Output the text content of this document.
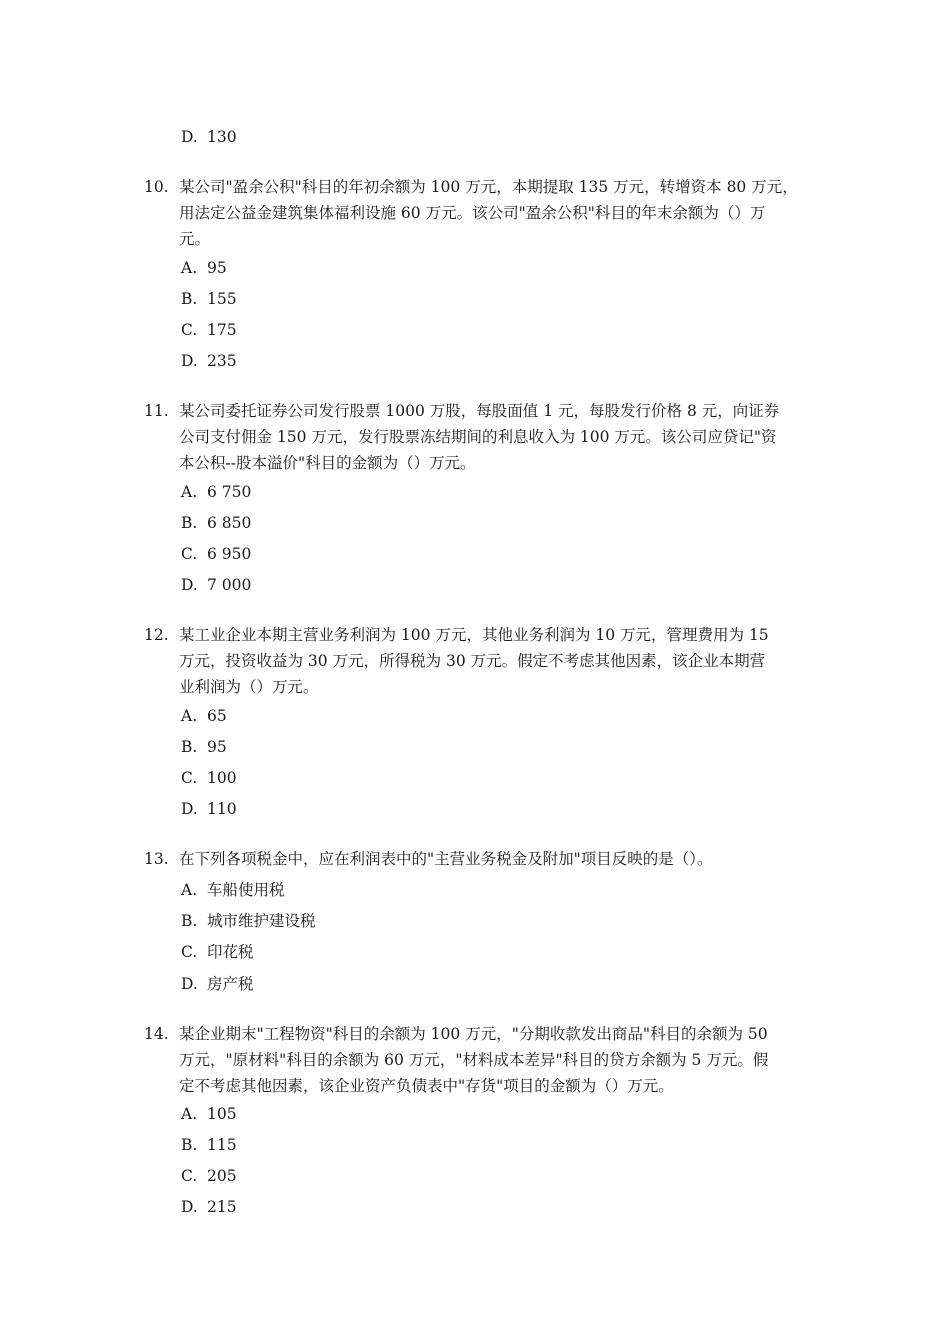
D. 130
10. 某公司"盈余公积"科目的年初余额为 100 万元，本期提取 135 万元，转增资本 80 万元，
用法定公益金建筑集体福利设施 60 万元。该公司"盈余公积"科目的年末余额为（）万
元。
A. 95
B. 155
C. 175
D. 235
11. 某公司委托证券公司发行股票 1000 万股，每股面值 1 元，每股发行价格 8 元，向证券
公司支付佣金 150 万元，发行股票冻结期间的利息收入为 100 万元。该公司应贷记"资
本公积--股本溢价"科目的金额为（）万元。
A. 6 750
B. 6 850
C. 6 950
D. 7 000
12. 某工业企业本期主营业务利润为 100 万元，其他业务利润为 10 万元，管理费用为 15
万元，投资收益为 30 万元，所得税为 30 万元。假定不考虑其他因素，该企业本期营
业利润为（）万元。
A. 65
B. 95
C. 100
D. 110
13. 在下列各项税金中，应在利润表中的"主营业务税金及附加"项目反映的是（）。
A. 车船使用税
B. 城市维护建设税
C. 印花税
D. 房产税
14. 某企业期末"工程物资"科目的余额为 100 万元，"分期收款发出商品"科目的余额为 50
万元，"原材料"科目的余额为 60 万元，"材料成本差异"科目的贷方余额为 5 万元。假
定不考虑其他因素，该企业资产负债表中"存货"项目的金额为（）万元。
A. 105
B. 115
C. 205
D. 215
